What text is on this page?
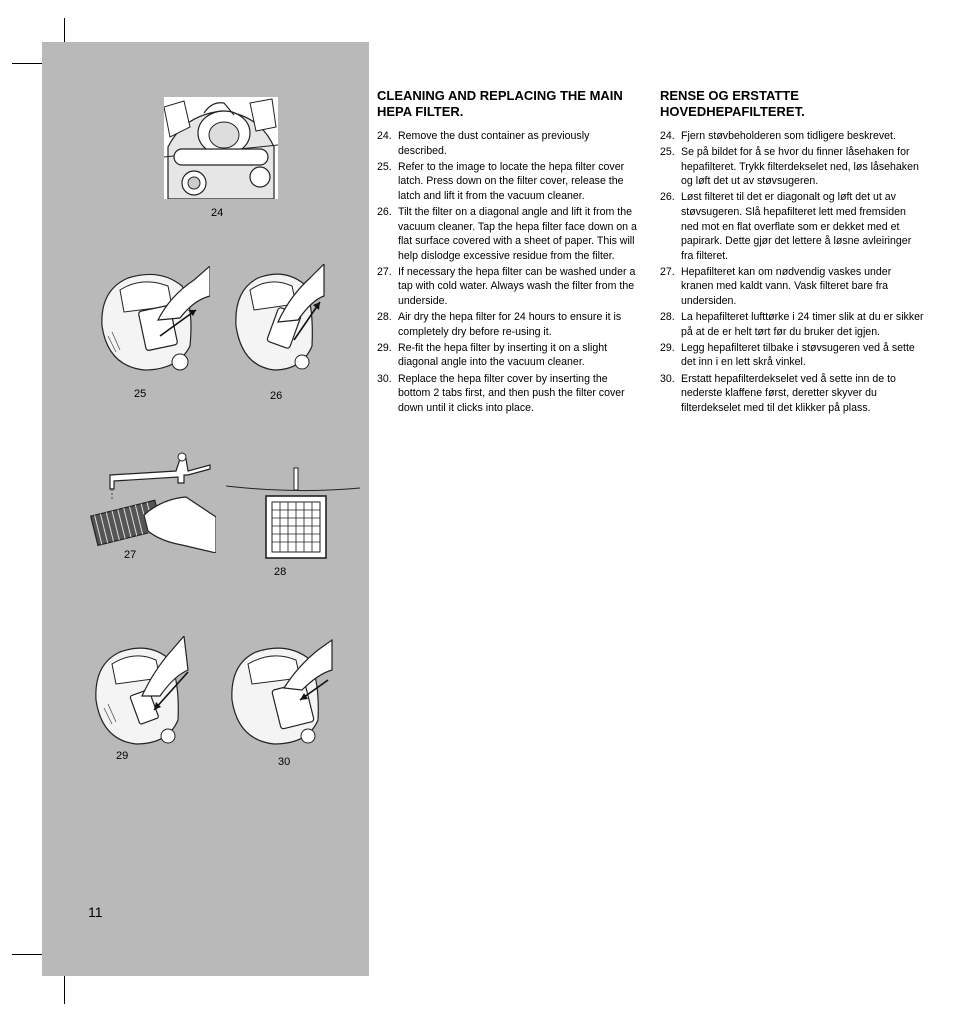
24
25	26
27
28
29	30
11
CLEANING AND REPLACING THE MAIN HEPA FILTER.
24. Remove the dust container as previously described.
25. Refer to the image to locate the hepa filter cover latch. Press down on the filter cover, release the latch and lift it from the vacuum cleaner.
26. Tilt the filter on a diagonal angle and lift it from the vacuum cleaner. Tap the hepa filter face down on a flat surface covered with a sheet of paper. This will help dislodge excessive residue from the filter.
27. If necessary the hepa filter can be washed under a tap with cold water. Always wash the filter from the underside.
28. Air dry the hepa filter for 24 hours to ensure it is completely dry before re-using it.
29. Re-fit the hepa filter by inserting it on a slight diagonal angle into the vacuum cleaner.
30. Replace the hepa filter cover by inserting the bottom 2 tabs first, and then push the filter cover down until it clicks into place.
RENSE OG ERSTATTE HOVEDHEPAFILTERET.
24. Fjern støvbeholderen som tidligere beskrevet.
25. Se på bildet for å se hvor du finner låsehaken for hepafilteret. Trykk filterdekselet ned, løs låsehaken og løft det ut av støvsugeren.
26. Løst filteret til det er diagonalt og løft det ut av støvsugeren. Slå hepafilteret lett med fremsiden ned mot en flat overflate som er dekket med et papirark. Dette gjør det lettere å løsne avleiringer fra filteret.
27. Hepafilteret kan om nødvendig vaskes under kranen med kaldt vann. Vask filteret bare fra undersiden.
28. La hepafilteret lufttørke i 24 timer slik at du er sikker på at de er helt tørt før du bruker det igjen.
29. Legg hepafilteret tilbake i støvsugeren ved å sette det inn i en lett skrå vinkel.
30. Erstatt hepafilterdekselet ved å sette inn de to nederste klaffene først, deretter skyver du filterdekselet med til det klikker på plass.
